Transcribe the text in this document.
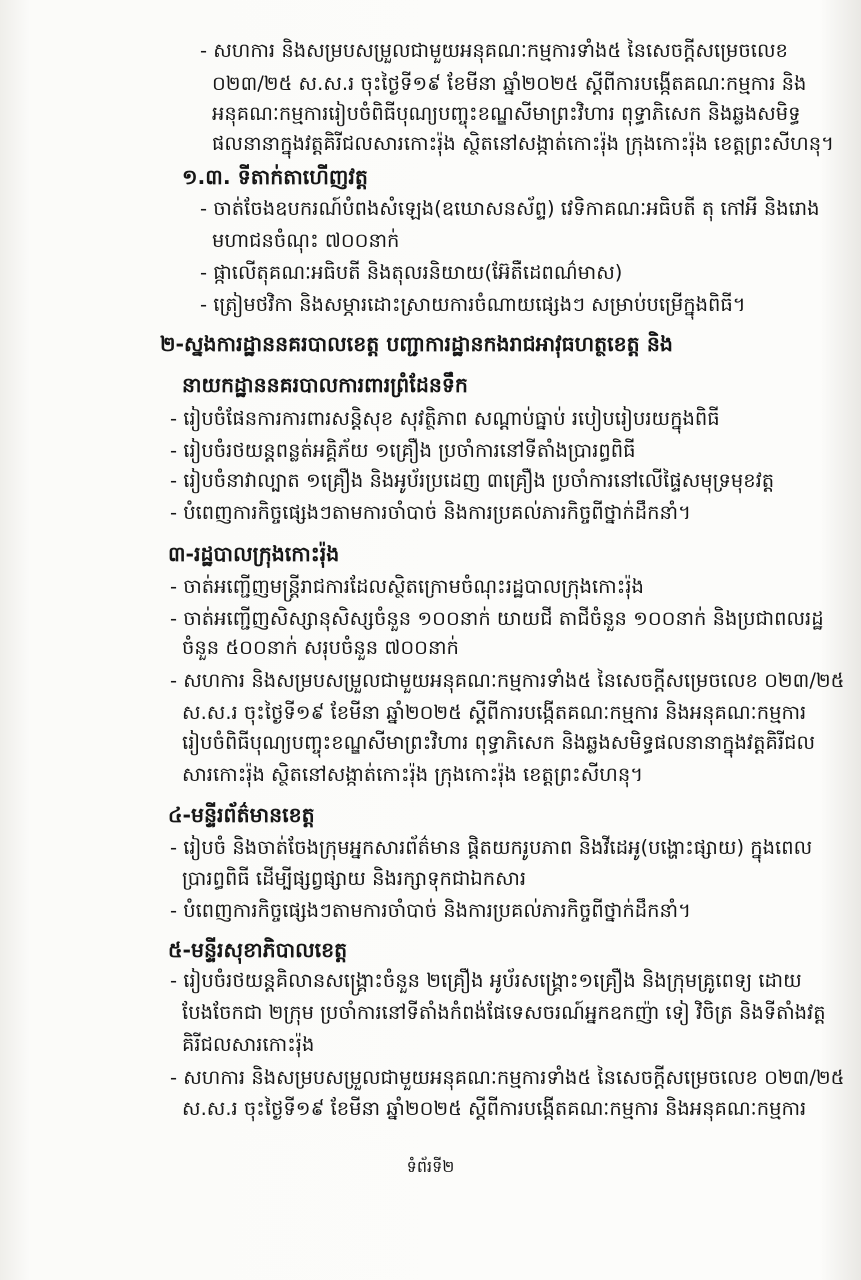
- សហការ និងសម្របសម្រួលជាមួយអនុគណៈកម្មការទាំង៥ នៃសេចក្តីសម្រេចលេខ
០២៣/២៥ ស.ស.រ ចុះថ្ងៃទី១៩ ខែមីនា ឆ្នាំ២០២៥ ស្តីពីការបង្កើតគណៈកម្មការ និង
អនុគណៈកម្មការរៀបចំពិធីបុណ្យបញ្ចុះខណ្ឌសីមាព្រះវិហារ ពុទ្ធាភិសេក និងឆ្លងសមិទ្ធ
ផលនានាក្នុងវត្តគិរីជលសារកោះរ៉ុង ស្ថិតនៅសង្កាត់កោះរ៉ុង ក្រុងកោះរ៉ុង ខេត្តព្រះសីហនុ។
១.៣. ទីតាក់តាហើញវត្ត
- ចាត់ចែងឧបករណ៍បំពងសំឡេង(ឧឃោសនស័ព្ទ) វេទិកាគណៈអធិបតី តុ កៅអី និងរោង
មហាជនចំណុះ ៧០០នាក់
- ផ្កាលើតុគណៈអធិបតី និងតុលរនិយាយ(អ៊ែតឺដេពណ៌មាស)
- ត្រៀមថវិកា និងសម្ភារដោះស្រាយការចំណាយផ្សេងៗ សម្រាប់បម្រើក្នុងពិធី។
២-ស្នងការដ្ឋាននគរបាលខេត្ត បញ្ជាការដ្ឋានកងរាជអាវុធហត្ថខេត្ត និង
នាយកដ្ឋាននគរបាលការពារព្រំដែនទឹក
- រៀបចំផែនការការពារសន្តិសុខ សុវត្ថិភាព សណ្តាប់ធ្នាប់ របៀបរៀបរយក្នុងពិធី
- រៀបចំរថយន្តពន្លត់អគ្គិភ័យ ១គ្រឿង ប្រចាំការនៅទីតាំងប្រារព្ធពិធី
- រៀបចំនាវាល្បាត ១គ្រឿង និងអូប័រប្រដេញ ៣គ្រឿង ប្រចាំការនៅលើផ្ទៃសមុទ្រមុខវត្ត
- បំពេញការកិច្ចផ្សេងៗតាមការចាំបាច់ និងការប្រគល់ភារកិច្ចពីថ្នាក់ដឹកនាំ។
៣-រដ្ឋបាលក្រុងកោះរ៉ុង
- ចាត់អញ្ជើញមន្ត្រីរាជការដែលស្ថិតក្រោមចំណុះរដ្ឋបាលក្រុងកោះរ៉ុង
- ចាត់អញ្ជើញសិស្សានុសិស្សចំនួន ១០០នាក់ យាយជី តាជីចំនួន ១០០នាក់ និងប្រជាពលរដ្ឋ
ចំនួន ៥០០នាក់ សរុបចំនួន ៧០០នាក់
- សហការ និងសម្របសម្រួលជាមួយអនុគណៈកម្មការទាំង៥ នៃសេចក្តីសម្រេចលេខ ០២៣/២៥
ស.ស.រ ចុះថ្ងៃទី១៩ ខែមីនា ឆ្នាំ២០២៥ ស្តីពីការបង្កើតគណៈកម្មការ និងអនុគណៈកម្មការ
រៀបចំពិធីបុណ្យបញ្ចុះខណ្ឌសីមាព្រះវិហារ ពុទ្ធាភិសេក និងឆ្លងសមិទ្ធផលនានាក្នុងវត្តគិរីជល
សារកោះរ៉ុង ស្ថិតនៅសង្កាត់កោះរ៉ុង ក្រុងកោះរ៉ុង ខេត្តព្រះសីហនុ។
៤-មន្ទីរព័ត៌មានខេត្ត
- រៀបចំ និងចាត់ចែងក្រុមអ្នកសារព័ត៌មាន ផ្តិតយករូបភាព និងវីដេអូ(បង្ហោះផ្សាយ) ក្នុងពេល
ប្រារព្ធពិធី ដើម្បីផ្សព្វផ្សាយ និងរក្សាទុកជាឯកសារ
- បំពេញការកិច្ចផ្សេងៗតាមការចាំបាច់ និងការប្រគល់ភារកិច្ចពីថ្នាក់ដឹកនាំ។
៥-មន្ទីរសុខាភិបាលខេត្ត
- រៀបចំរថយន្តគិលានសង្គ្រោះចំនួន ២គ្រឿង អូប័រសង្គ្រោះ១គ្រឿង និងក្រុមគ្រូពេទ្យ ដោយ
បែងចែកជា ២ក្រុម ប្រចាំការនៅទីតាំងកំពង់ផែទេសចរណ៍អ្នកឧកញ៉ា ទៀ វិចិត្រ និងទីតាំងវត្ត
គិរីជលសារកោះរ៉ុង
- សហការ និងសម្របសម្រួលជាមួយអនុគណៈកម្មការទាំង៥ នៃសេចក្តីសម្រេចលេខ ០២៣/២៥
ស.ស.រ ចុះថ្ងៃទី១៩ ខែមីនា ឆ្នាំ២០២៥ ស្តីពីការបង្កើតគណៈកម្មការ និងអនុគណៈកម្មការ
ទំព័រទី២
